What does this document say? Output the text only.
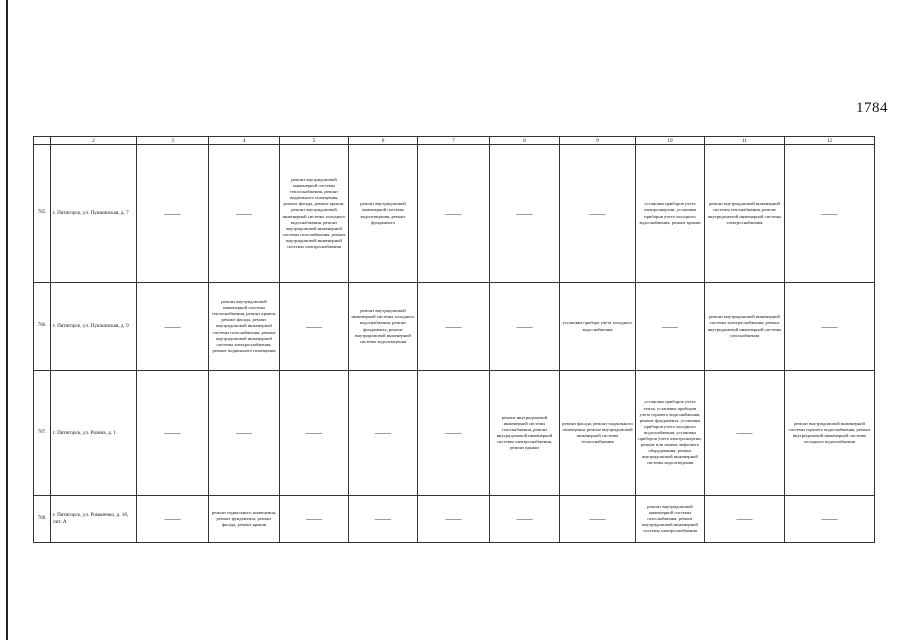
1784
	2	3	4	5	6	7	8	9	10	11	12
785.	г. Пятигорск, ул. Пушкинская, д. 7	——	——	ремонт внутридомовой инженерной системы теплоснабжения, ремонт подвального помещения, ремонт фасада, ремонт крыши, ремонт внутридомовой инженерной системы холодного водоснабжения, ремонт внутридомовой инженерной системы газоснабжения, ремонт внутридомовой инженерной системы электроснабжения	ремонт внутридомовой инженерной системы водоотведения, ремонт фундамента	——	——	——	установка приборов учета электроэнергии, установка приборов учета холодного водоснабжения, ремонт крыши	ремонт внутридомовой инженерной системы газоснабжения, ремонт внутридомовой инженерной системы электроснабжения	——
786.	г. Пятигорск, ул. Пушкинская, д. 9	——	ремонт внутридомовой инженерной системы теплоснабжения, ремонт крыши, ремонт фасада, ремонт внутридомовой инженерной системы газоснабжения, ремонт внутридомовой инженерной системы электроснабжения, ремонт подвального помещения	——	ремонт внутридомовой инженерной системы холодного водоснабжения, ремонт фундамента, ремонт внутридомовой инженерной системы водоотведения	——	——	установка прибора учета холодного водоснабжения	——	ремонт внутридомовой инженерной системы электроснабжения, ремонт внутридомовой инженерной системы газоснабжения	——
787.	г. Пятигорск, ул. Разина, д. 1	——	——	——	——	——	ремонт внутридомовой инженерной системы газоснабжения, ремонт внутридомовой инженерной системы электроснабжения, ремонт крыши	ремонт фасада, ремонт подвального помещения, ремонт внутридомовой инженерной системы теплоснабжения	установка приборов учета тепла, установка приборов учета горячего водоснабжения, ремонт фундамента, установка приборов учета холодного водоснабжения, установка приборов учета электроэнергии, ремонт или замена лифтового оборудования, ремонт внутридомовой инженерной системы водоотведения	——	ремонт внутридомовой инженерной системы горячего водоснабжения, ремонт внутридомовой инженерной системы холодного водоснабжения
788.	г. Пятигорск, ул. Романенко, д. 18, лит. А	——	ремонт подвального помещения, ремонт фундамента, ремонт фасада, ремонт крыши	——	——	——	——	——	ремонт внутридомовой инженерной системы газоснабжения, ремонт внутридомовой инженерной системы электроснабжения	——	——
